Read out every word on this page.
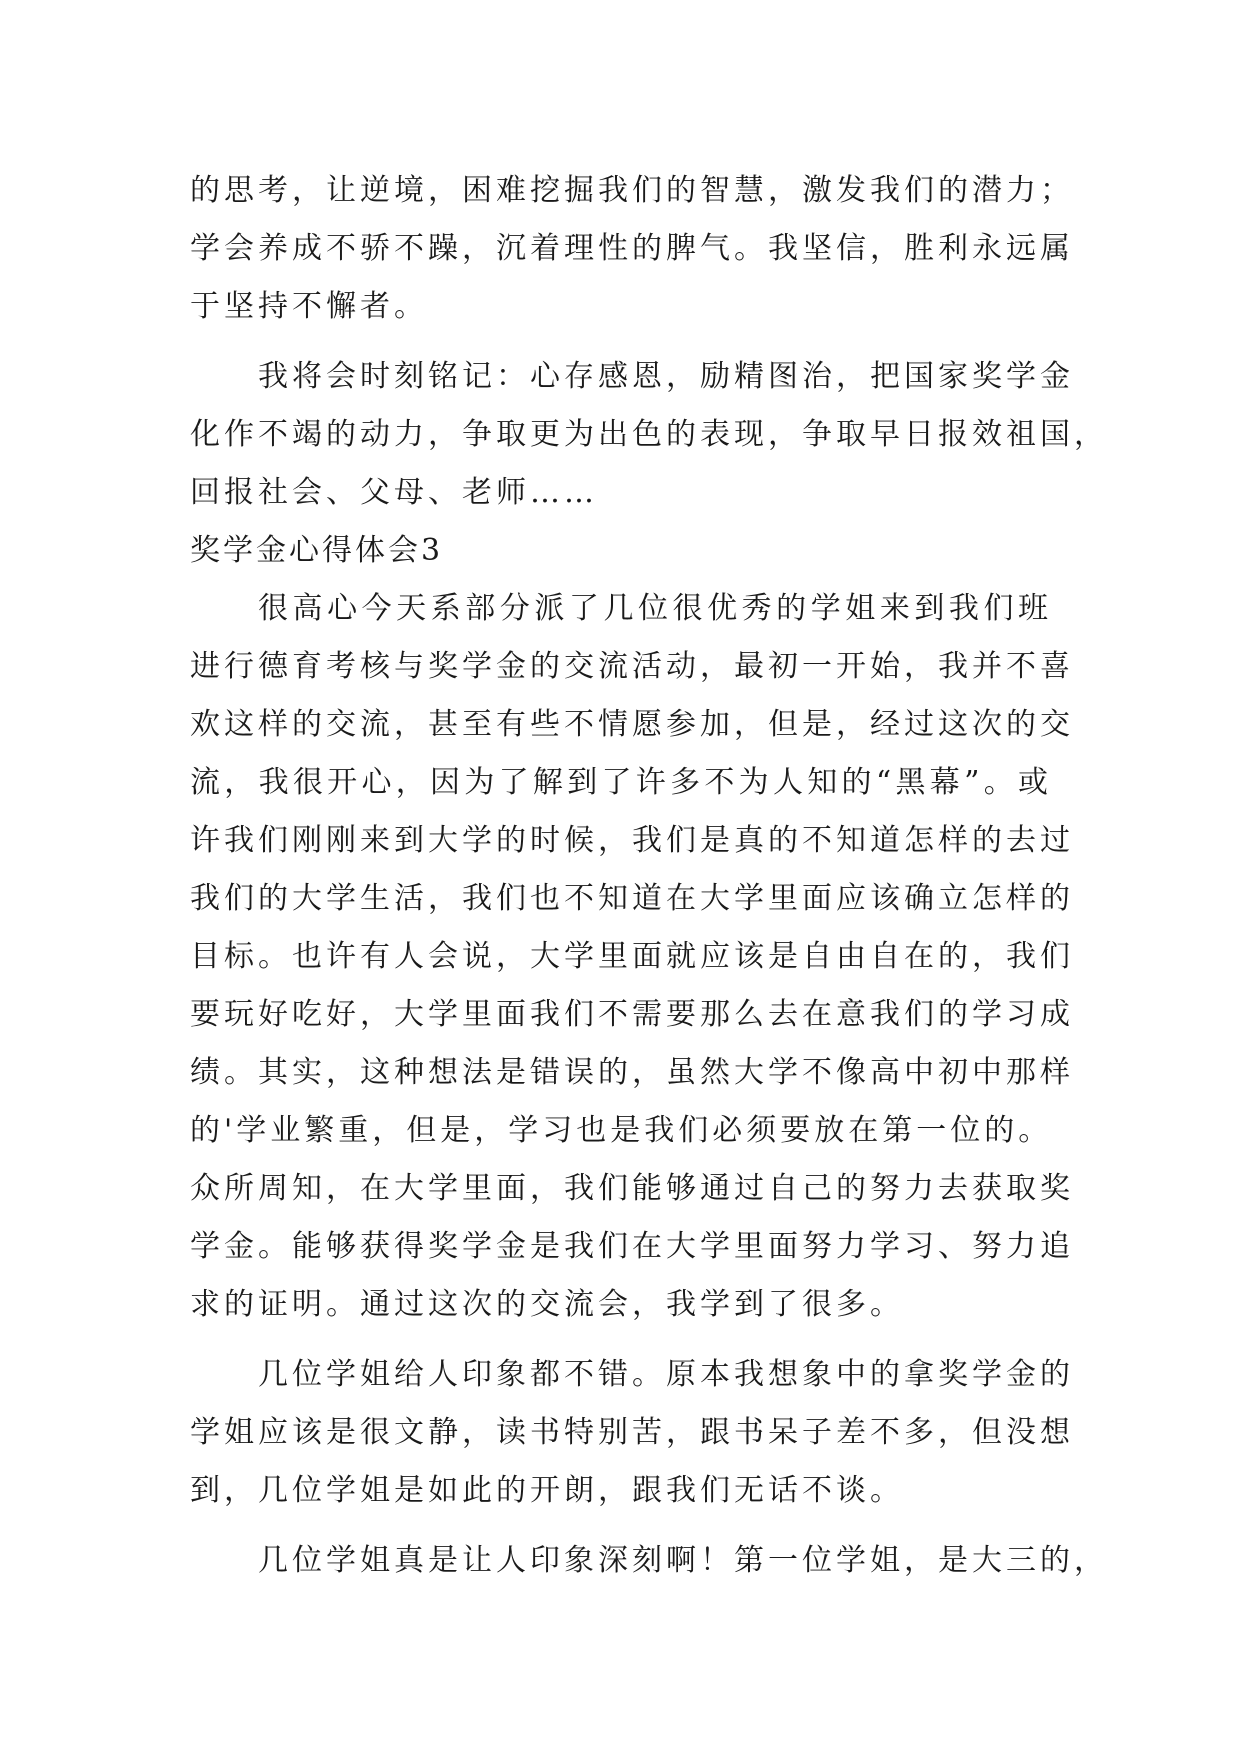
的思考，让逆境，困难挖掘我们的智慧，激发我们的潜力；
学会养成不骄不躁，沉着理性的脾气。我坚信，胜利永远属
于坚持不懈者。
我将会时刻铭记：心存感恩，励精图治，把国家奖学金
化作不竭的动力，争取更为出色的表现，争取早日报效祖国，
回报社会、父母、老师……
奖学金心得体会3
很高心今天系部分派了几位很优秀的学姐来到我们班
进行德育考核与奖学金的交流活动，最初一开始，我并不喜
欢这样的交流，甚至有些不情愿参加，但是，经过这次的交
流，我很开心，因为了解到了许多不为人知的“黑幕”。或
许我们刚刚来到大学的时候，我们是真的不知道怎样的去过
我们的大学生活，我们也不知道在大学里面应该确立怎样的
目标。也许有人会说，大学里面就应该是自由自在的，我们
要玩好吃好，大学里面我们不需要那么去在意我们的学习成
绩。其实，这种想法是错误的，虽然大学不像高中初中那样
的'学业繁重，但是，学习也是我们必须要放在第一位的。
众所周知，在大学里面，我们能够通过自己的努力去获取奖
学金。能够获得奖学金是我们在大学里面努力学习、努力追
求的证明。通过这次的交流会，我学到了很多。
几位学姐给人印象都不错。原本我想象中的拿奖学金的
学姐应该是很文静，读书特别苦，跟书呆子差不多，但没想
到，几位学姐是如此的开朗，跟我们无话不谈。
几位学姐真是让人印象深刻啊！第一位学姐，是大三的，
